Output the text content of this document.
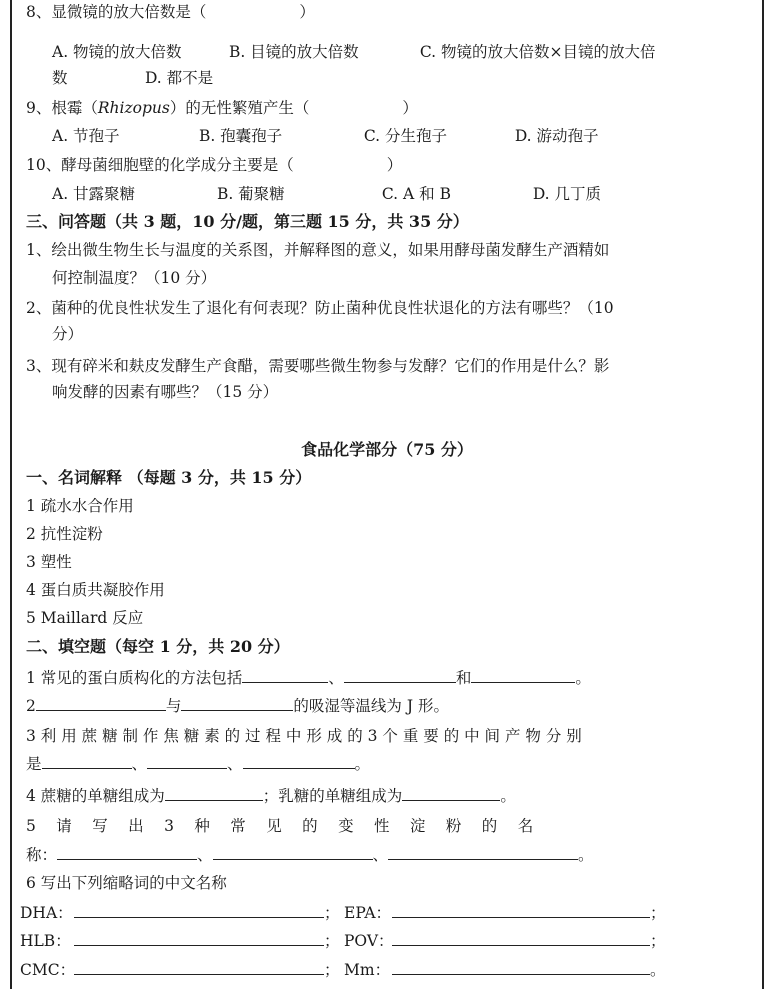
8、显微镜的放大倍数是（　　　　　　）
A. 物镜的放大倍数	B. 目镜的放大倍数	C. 物镜的放大倍数×目镜的放大倍
数	D. 都不是
9、根霉（Rhizopus）的无性繁殖产生（　　　　　　）
A. 节孢子	B. 孢囊孢子	C. 分生孢子	D. 游动孢子
10、酵母菌细胞壁的化学成分主要是（　　　　　　）
A. 甘露聚糖	B. 葡聚糖	C. A 和 B	D. 几丁质
三、问答题（共 3 题，10 分/题，第三题 15 分，共 35 分）
1、绘出微生物生长与温度的关系图，并解释图的意义，如果用酵母菌发酵生产酒精如
何控制温度？（10 分）
2、菌种的优良性状发生了退化有何表现？防止菌种优良性状退化的方法有哪些？（10
分）
3、现有碎米和麸皮发酵生产食醋，需要哪些微生物参与发酵？它们的作用是什么？影
响发酵的因素有哪些？（15 分）
食品化学部分（75 分）
一、名词解释 （每题 3 分，共 15 分）
1 疏水水合作用
2 抗性淀粉
3 塑性
4 蛋白质共凝胶作用
5 Maillard 反应
二、填空题（每空 1 分，共 20 分）
1 常见的蛋白质构化的方法包括	、	和	。
2	与	的吸湿等温线为 J 形。
3 利 用 蔗 糖 制 作 焦 糖 素 的 过 程 中 形 成 的 3 个 重 要 的 中 间 产 物 分 别
是	、	、	。
4 蔗糖的单糖组成为	；乳糖的单糖组成为	。
5 　请 　写 　出 　3 　种 　常 　见 　的 　变 　性 　淀 　粉 　的 　名
称：	、	、	。
6 写出下列缩略词的中文名称
DHA：	； EPA：	；
HLB：	； POV：	；
CMC：	； Mm：	。
